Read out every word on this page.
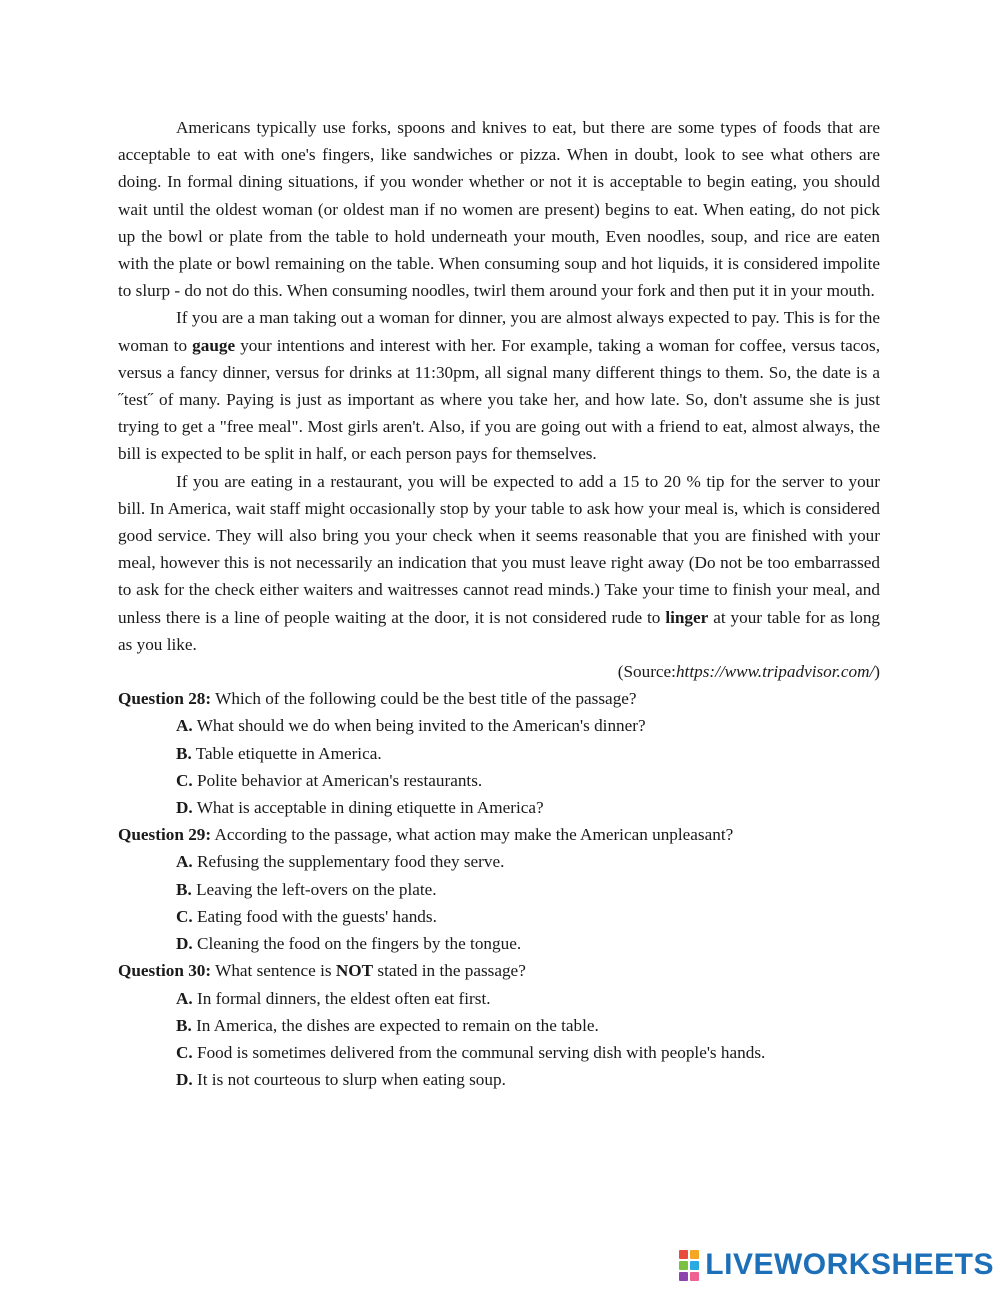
Americans typically use forks, spoons and knives to eat, but there are some types of foods that are acceptable to eat with one's fingers, like sandwiches or pizza. When in doubt, look to see what others are doing. In formal dining situations, if you wonder whether or not it is acceptable to begin eating, you should wait until the oldest woman (or oldest man if no women are present) begins to eat. When eating, do not pick up the bowl or plate from the table to hold underneath your mouth, Even noodles, soup, and rice are eaten with the plate or bowl remaining on the table. When consuming soup and hot liquids, it is considered impolite to slurp - do not do this. When consuming noodles, twirl them around your fork and then put it in your mouth.

If you are a man taking out a woman for dinner, you are almost always expected to pay. This is for the woman to gauge your intentions and interest with her. For example, taking a woman for coffee, versus tacos, versus a fancy dinner, versus for drinks at 11:30pm, all signal many different things to them. So, the date is a ˝test˝ of many. Paying is just as important as where you take her, and how late. So, don't assume she is just trying to get a "free meal". Most girls aren't. Also, if you are going out with a friend to eat, almost always, the bill is expected to be split in half, or each person pays for themselves.

If you are eating in a restaurant, you will be expected to add a 15 to 20 % tip for the server to your bill. In America, wait staff might occasionally stop by your table to ask how your meal is, which is considered good service. They will also bring you your check when it seems reasonable that you are finished with your meal, however this is not necessarily an indication that you must leave right away (Do not be too embarrassed to ask for the check either waiters and waitresses cannot read minds.) Take your time to finish your meal, and unless there is a line of people waiting at the door, it is not considered rude to linger at your table for as long as you like.

(Source:https://www.tripadvisor.com/)

Question 28: Which of the following could be the best title of the passage?

A. What should we do when being invited to the American's dinner?

B. Table etiquette in America.

C. Polite behavior at American's restaurants.

D. What is acceptable in dining etiquette in America?

Question 29: According to the passage, what action may make the American unpleasant?

A. Refusing the supplementary food they serve.

B. Leaving the left-overs on the plate.

C. Eating food with the guests' hands.

D. Cleaning the food on the fingers by the tongue.

Question 30: What sentence is NOT stated in the passage?

A. In formal dinners, the eldest often eat first.

B. In America, the dishes are expected to remain on the table.

C. Food is sometimes delivered from the communal serving dish with people's hands.

D. It is not courteous to slurp when eating soup.

LIVEWORKSHEETS
